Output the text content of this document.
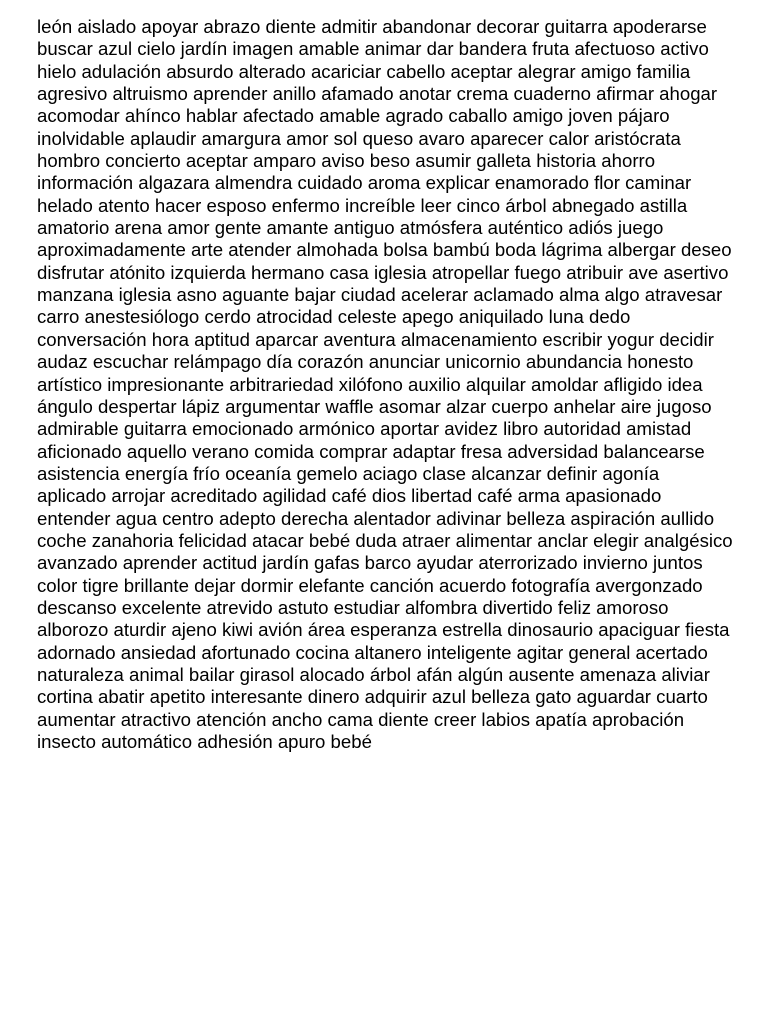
león aislado apoyar abrazo diente admitir abandonar decorar guitarra apoderarse
buscar azul cielo jardín imagen amable animar dar bandera fruta afectuoso activo
hielo adulación absurdo alterado acariciar cabello aceptar alegrar amigo familia
agresivo altruismo aprender anillo afamado anotar crema cuaderno afirmar ahogar
acomodar ahínco hablar afectado amable agrado caballo amigo joven pájaro
inolvidable aplaudir amargura amor sol queso avaro aparecer calor aristócrata
hombro concierto aceptar amparo aviso beso asumir galleta historia ahorro
información algazara almendra cuidado aroma explicar enamorado flor caminar
helado atento hacer esposo enfermo increíble leer cinco árbol abnegado astilla
amatorio arena amor gente amante antiguo atmósfera auténtico adiós juego
aproximadamente arte atender almohada bolsa bambú boda lágrima albergar deseo
disfrutar atónito izquierda hermano casa iglesia atropellar fuego atribuir ave asertivo
manzana iglesia asno aguante bajar ciudad acelerar aclamado alma algo atravesar
carro anestesiólogo cerdo atrocidad celeste apego aniquilado luna dedo
conversación hora aptitud aparcar aventura almacenamiento escribir yogur decidir
audaz escuchar relámpago día corazón anunciar unicornio abundancia honesto
artístico impresionante arbitrariedad xilófono auxilio alquilar amoldar afligido idea
ángulo despertar lápiz argumentar waffle asomar alzar cuerpo anhelar aire jugoso
admirable guitarra emocionado armónico aportar avidez libro autoridad amistad
aficionado aquello verano comida comprar adaptar fresa adversidad balancearse
asistencia energía frío oceanía gemelo aciago clase alcanzar definir agonía
aplicado arrojar acreditado agilidad café dios libertad café arma apasionado
entender agua centro adepto derecha alentador adivinar belleza aspiración aullido
coche zanahoria felicidad atacar bebé duda atraer alimentar anclar elegir analgésico
avanzado aprender actitud jardín gafas barco ayudar aterrorizado invierno juntos
color tigre brillante dejar dormir elefante canción acuerdo fotografía avergonzado
descanso excelente atrevido astuto estudiar alfombra divertido feliz amoroso
alborozo aturdir ajeno kiwi avión área esperanza estrella dinosaurio apaciguar fiesta
adornado ansiedad afortunado cocina altanero inteligente agitar general acertado
naturaleza animal bailar girasol alocado árbol afán algún ausente amenaza aliviar
cortina abatir apetito interesante dinero adquirir azul belleza gato aguardar cuarto
aumentar atractivo atención ancho cama diente creer labios apatía aprobación
insecto automático adhesión apuro bebé
